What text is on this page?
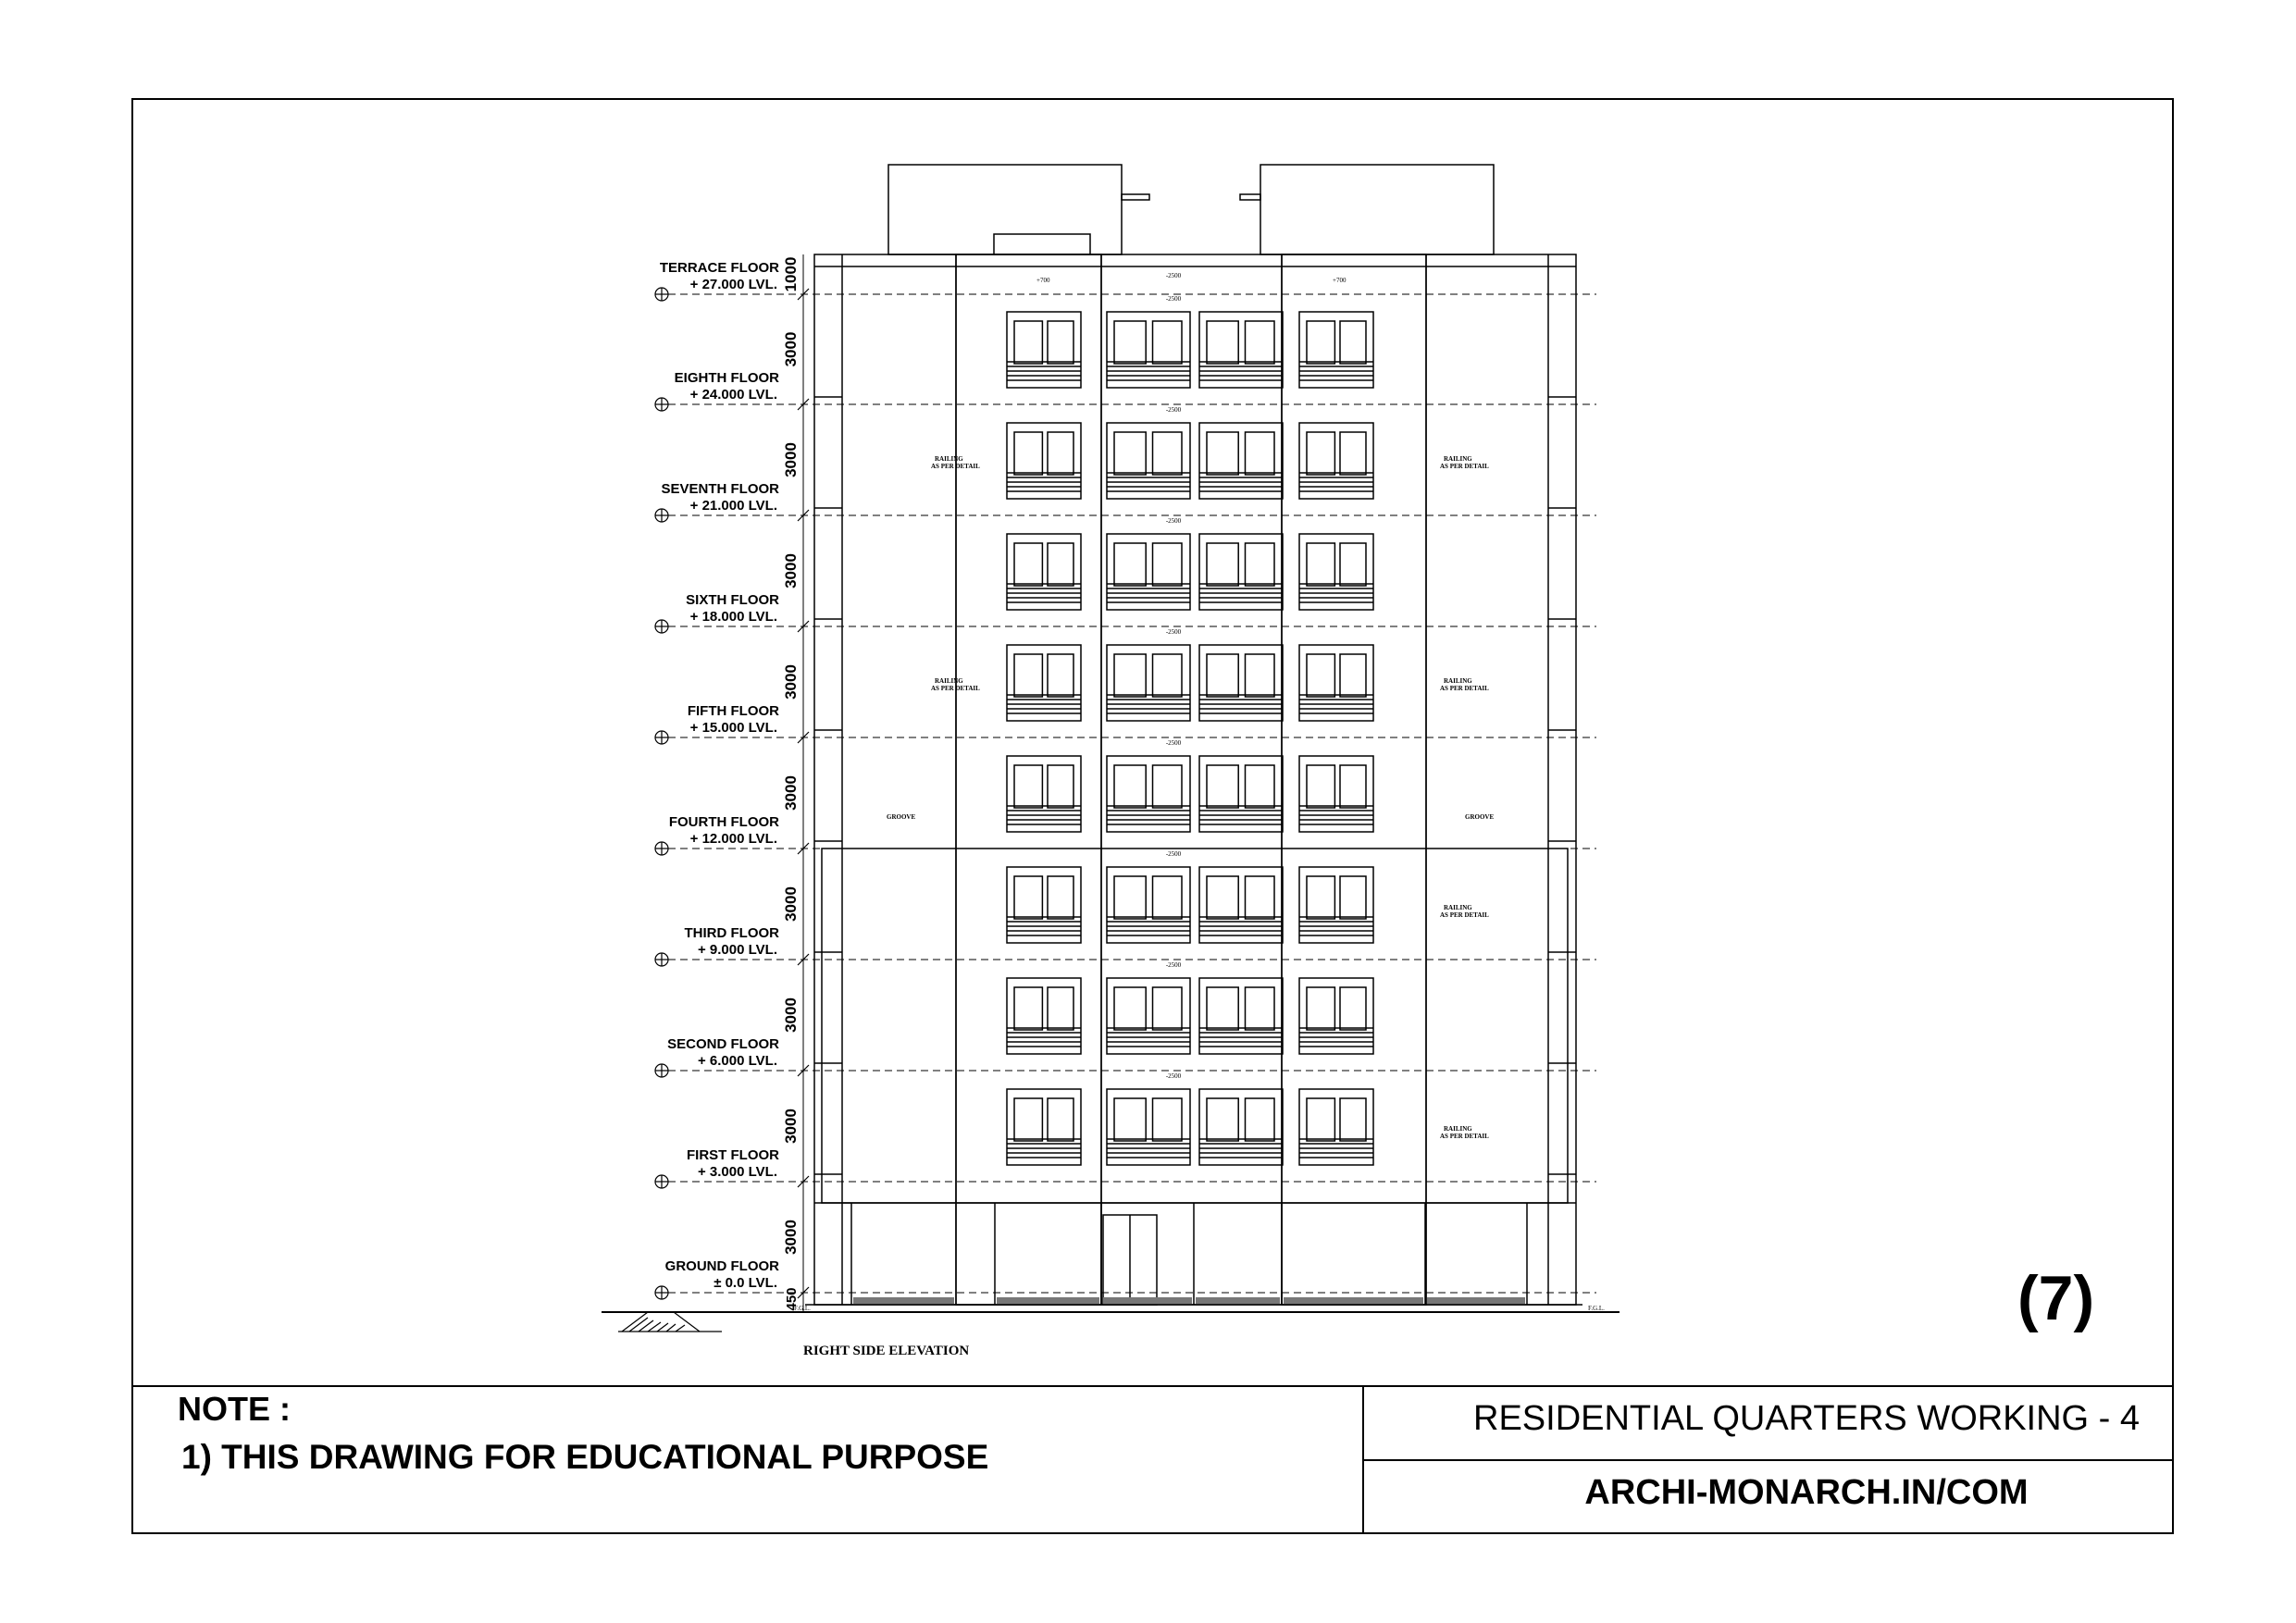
-2500
-2500
-2500
-2500
-2500
-2500
-2500
-2500
+700
-2500
+700
RAILING
AS PER DETAIL
RAILING
AS PER DETAIL
RAILING
AS PER DETAIL
RAILING
AS PER DETAIL
RAILING
AS PER DETAIL
RAILING
AS PER DETAIL
GROOVE	GROOVE
F.G.L.	F.G.L.
TERRACE FLOOR
+ 27.000 LVL. 1000
EIGHTH FLOOR
+ 24.000 LVL.
3000
SEVENTH FLOOR
+ 21.000 LVL.
3000
SIXTH FLOOR
+ 18.000 LVL.
3000
FIFTH FLOOR
+ 15.000 LVL.
3000
FOURTH FLOOR
+ 12.000 LVL.
3000
THIRD FLOOR
+ 9.000 LVL.
3000
SECOND FLOOR
+ 6.000 LVL.
3000
FIRST FLOOR
+ 3.000 LVL.
3000
GROUND FLOOR
± 0.0 LVL.
3000
450
RIGHT SIDE ELEVATION
(7)
NOTE :
1) THIS DRAWING FOR EDUCATIONAL PURPOSE
RESIDENTIAL QUARTERS WORKING - 4
ARCHI-MONARCH.IN/COM
